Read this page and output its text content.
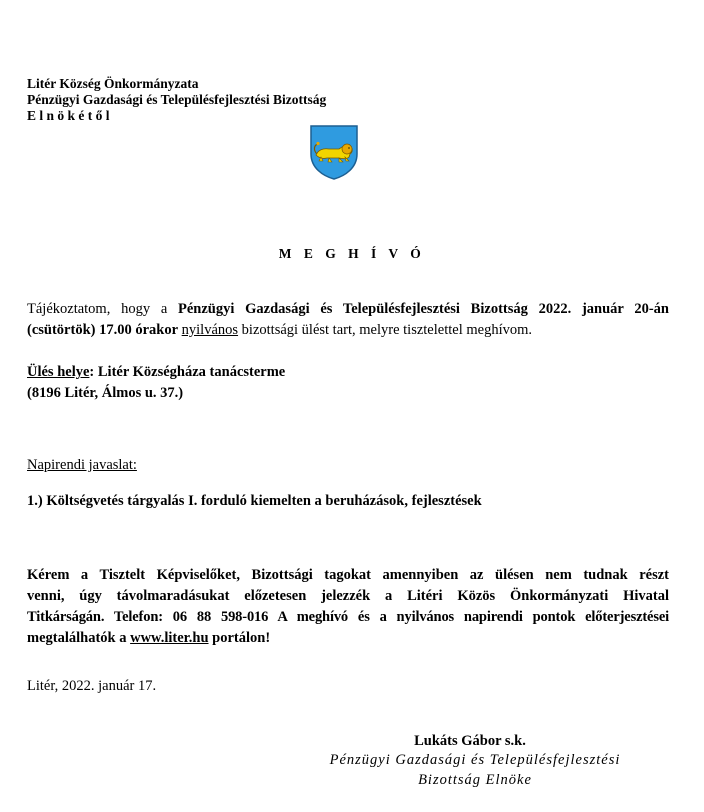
Litér Község Önkormányzata
Pénzügyi Gazdasági és Településfejlesztési Bizottság
E l n ö k é t ő l
M E G H Í V Ó
Tájékoztatom, hogy a Pénzügyi Gazdasági és Településfejlesztési Bizottság 2022. január 20-án
(csütörtök) 17.00 órakor nyilvános bizottsági ülést tart, melyre tisztelettel meghívom.
Ülés helye: Litér Községháza tanácsterme
(8196 Litér, Álmos u. 37.)
Napirendi javaslat:
1.) Költségvetés tárgyalás I. forduló kiemelten a beruházások, fejlesztések
Kérem a Tisztelt Képviselőket, Bizottsági tagokat amennyiben az ülésen nem tudnak részt
venni, úgy távolmaradásukat előzetesen jelezzék a Litéri Közös Önkormányzati Hivatal
Titkárságán. Telefon: 06 88 598-016 A meghívó és a nyilvános napirendi pontok előterjesztései
megtalálhatók a www.liter.hu portálon!
Litér, 2022. január 17.
Lukáts Gábor s.k.
Pénzügyi Gazdasági és Településfejlesztési
Bizottság Elnöke
